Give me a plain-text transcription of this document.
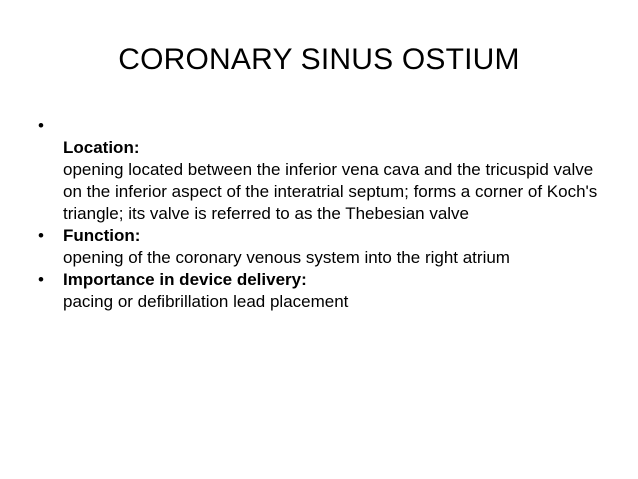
CORONARY SINUS OSTIUM
•
Location:
opening located between the inferior vena cava and the tricuspid valve on the inferior aspect of the interatrial septum; forms a corner of Koch's triangle; its valve is referred to as the Thebesian valve
• Function:
opening of the coronary venous system into the right atrium
• Importance in device delivery:
pacing or defibrillation lead placement
